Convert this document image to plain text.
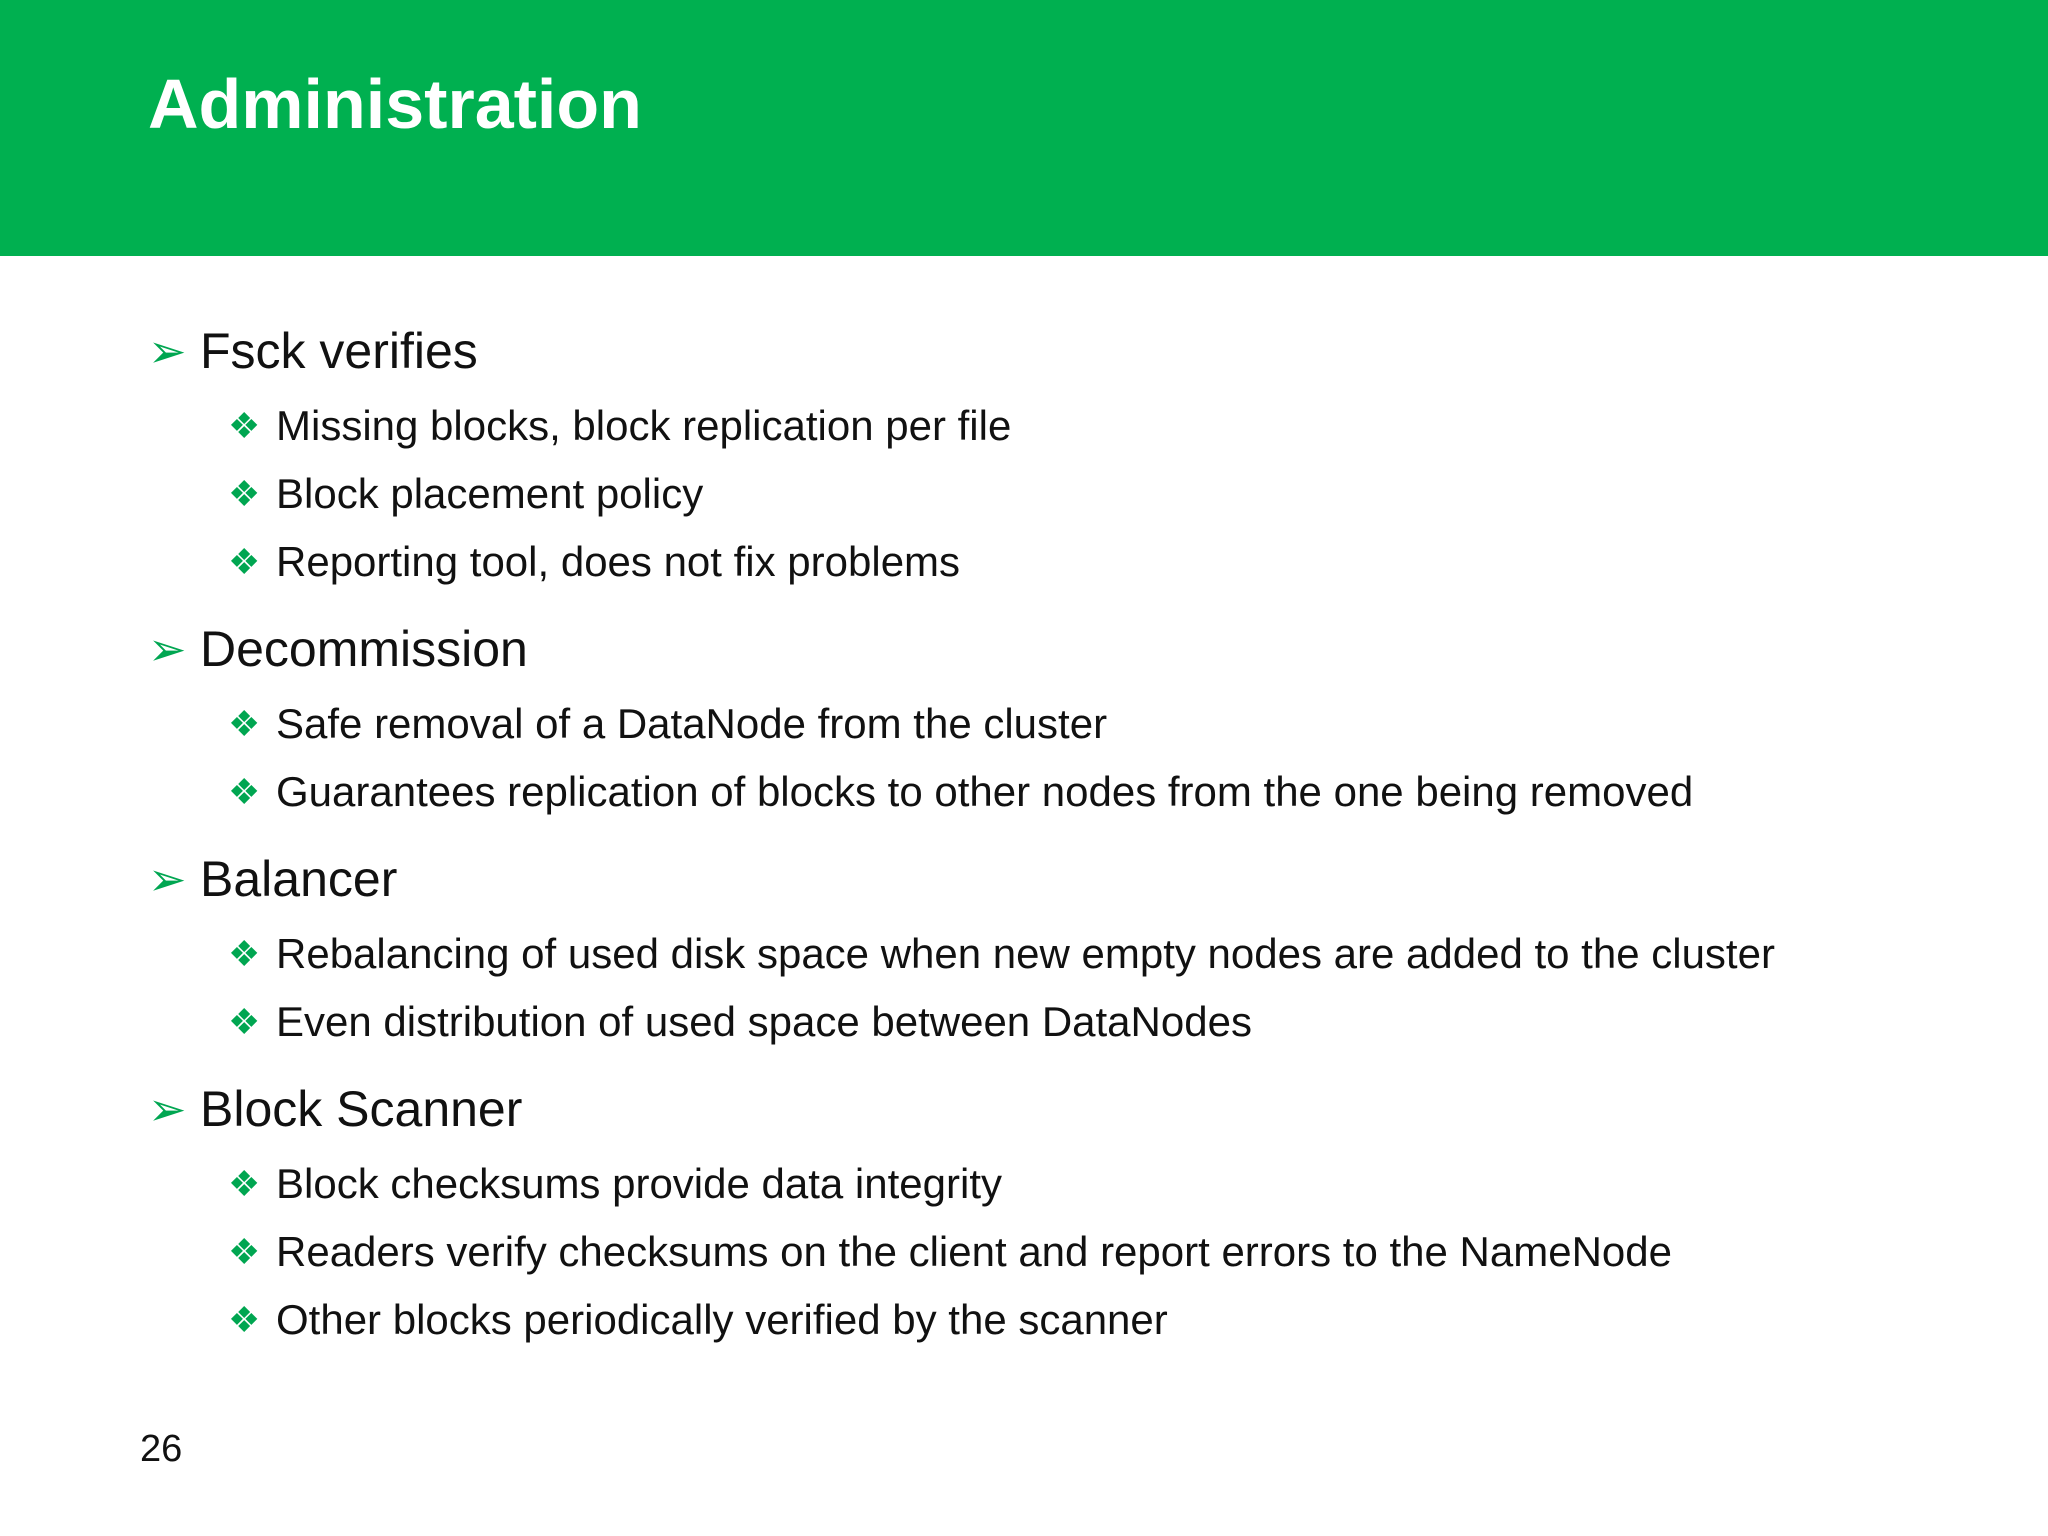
Administration
➢ Fsck verifies
❖ Missing blocks, block replication per file
❖ Block placement policy
❖ Reporting tool, does not fix problems
➢ Decommission
❖ Safe removal of a DataNode from the cluster
❖ Guarantees replication of blocks to other nodes from the one being removed
➢ Balancer
❖ Rebalancing of used disk space when new empty nodes are added to the cluster
❖ Even distribution of used space between DataNodes
➢ Block Scanner
❖ Block checksums provide data integrity
❖ Readers verify checksums on the client and report errors to the NameNode
❖ Other blocks periodically verified by the scanner
26
